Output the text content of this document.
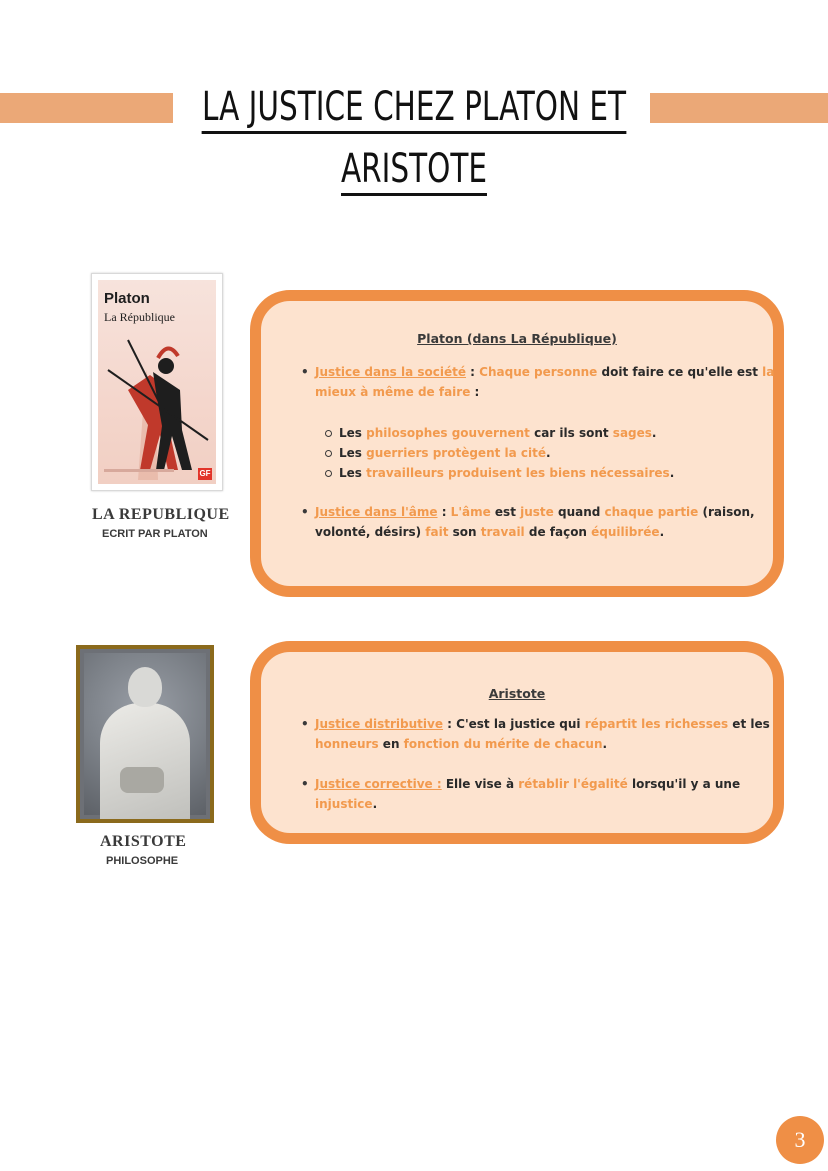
LA JUSTICE CHEZ PLATON ET
ARISTOTE
Platon
La République
GF
LA REPUBLIQUE
ECRIT PAR PLATON
Platon (dans La République)
• Justice dans la société : Chaque personne doit faire ce qu'elle est la mieux à même de faire :
Les philosophes gouvernent car ils sont sages.
Les guerriers protègent la cité.
Les travailleurs produisent les biens nécessaires.
• Justice dans l'âme : L'âme est juste quand chaque partie (raison, volonté, désirs) fait son travail de façon équilibrée.
ARISTOTE
PHILOSOPHE
Aristote
• Justice distributive : C'est la justice qui répartit les richesses et les honneurs en fonction du mérite de chacun.
• Justice corrective : Elle vise à rétablir l'égalité lorsqu'il y a une injustice.
3
